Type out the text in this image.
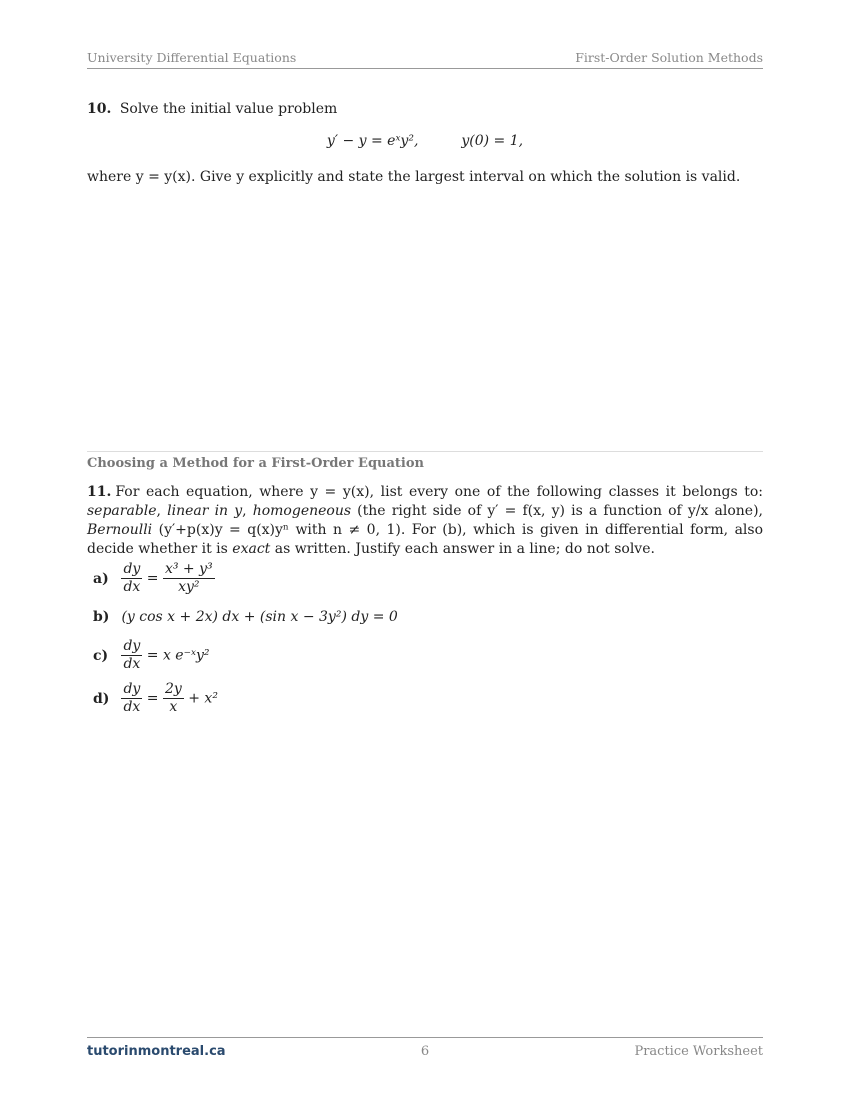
University Differential Equations	First-Order Solution Methods
10. Solve the initial value problem
y′ − y = eˣy²,	y(0) = 1,
where y = y(x). Give y explicitly and state the largest interval on which the solution is valid.
Choosing a Method for a First-Order Equation
11. For each equation, where y = y(x), list every one of the following classes it belongs to: separable, linear in y, homogeneous (the right side of y′ = f(x, y) is a function of y/x alone), Bernoulli (y′+p(x)y = q(x)yⁿ with n ≠ 0, 1). For (b), which is given in differential form, also decide whether it is exact as written. Justify each answer in a line; do not solve.
$a) \frac{dy}{dx} = \frac{\text{x³ + y³}}{\text{xy²}}$
b) (y cos x + 2x) dx + (sin x − 3y²) dy = 0
$c) \frac{dy}{dx} = x$ e⁻ˣy²
$d) \frac{dy}{dx} = \frac{2y}{x} + x^2$
tutorinmontreal.ca	6	Practice Worksheet
